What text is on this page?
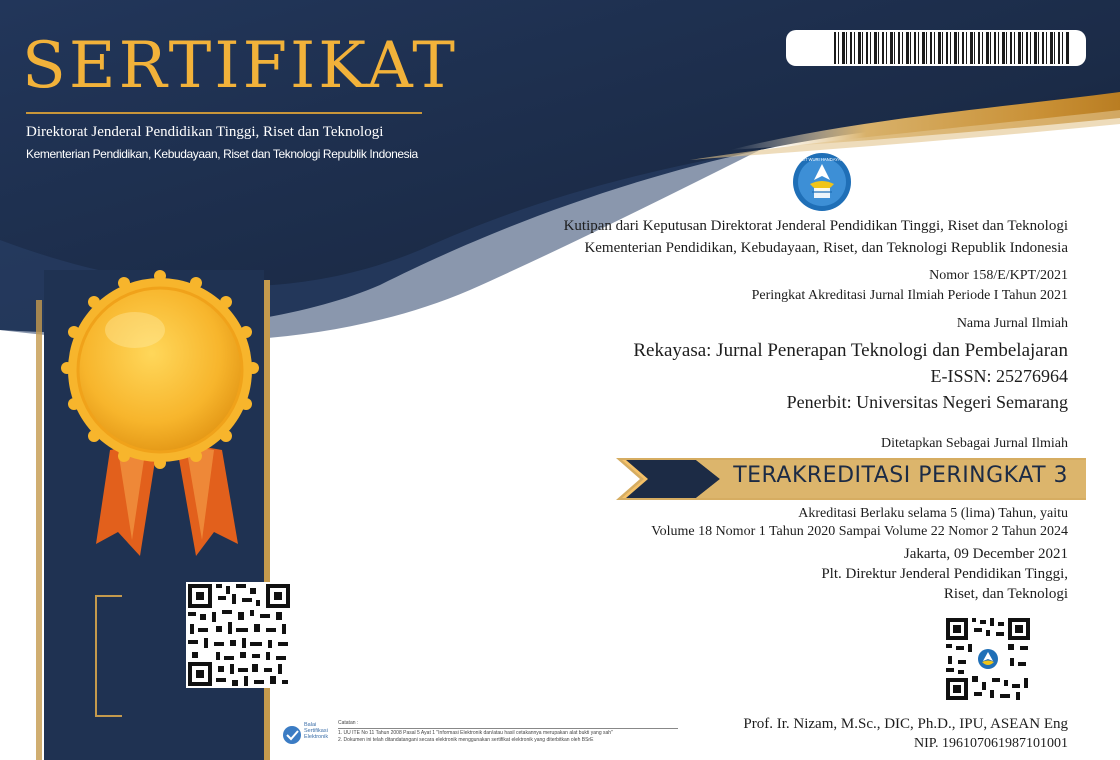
SERTIFIKAT
Direktorat Jenderal Pendidikan Tinggi, Riset dan Teknologi
Kementerian Pendidikan, Kebudayaan, Riset dan Teknologi Republik Indonesia	TUT WURI HANDAYANI
Kutipan dari Keputusan Direktorat Jenderal Pendidikan Tinggi, Riset dan Teknologi
Kementerian Pendidikan, Kebudayaan, Riset, dan Teknologi Republik Indonesia
Nomor 158/E/KPT/2021
Peringkat Akreditasi Jurnal Ilmiah Periode I Tahun 2021
Nama Jurnal Ilmiah
Rekayasa: Jurnal Penerapan Teknologi dan Pembelajaran
E-ISSN: 25276964
Penerbit: Universitas Negeri Semarang
Ditetapkan Sebagai Jurnal Ilmiah
TERAKREDITASI PERINGKAT 3
Akreditasi Berlaku selama 5 (lima) Tahun, yaitu
Volume 18 Nomor 1 Tahun 2020 Sampai Volume 22 Nomor 2 Tahun 2024
Jakarta, 09 December 2021
Plt. Direktur Jenderal Pendidikan Tinggi,
Riset, dan Teknologi
Balai
Sertifikasi
Elektronik
Catatan :
1. UU ITE No 11 Tahun 2008 Pasal 5 Ayat 1 "Informasi Elektronik dan/atau hasil cetakannya merupakan alat bukti yang sah"
2. Dokumen ini telah ditandatangani secara elektronik menggunakan sertifikat elektronik yang diterbitkan oleh BSrE
Prof. Ir. Nizam, M.Sc., DIC, Ph.D., IPU, ASEAN Eng
NIP. 196107061987101001
